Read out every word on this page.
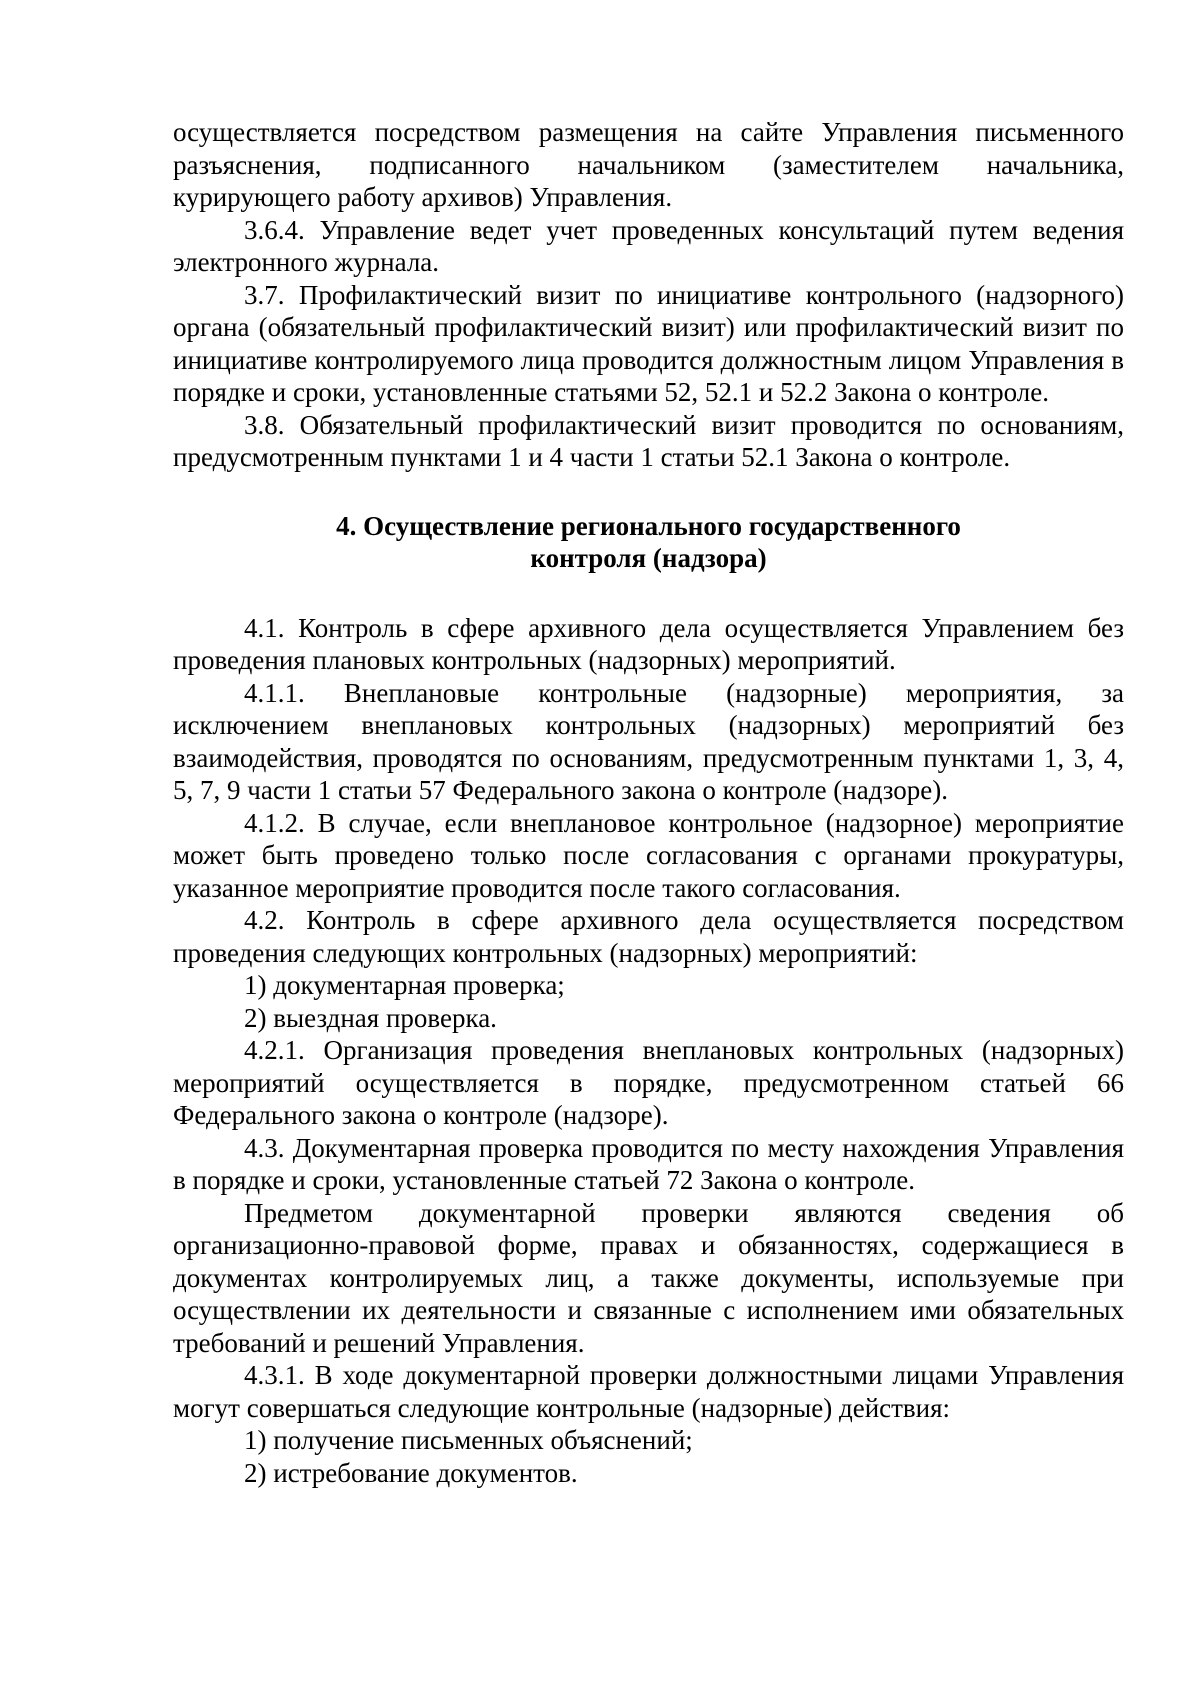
осуществляется посредством размещения на сайте Управления письменного разъяснения, подписанного начальником (заместителем начальника, курирующего работу архивов) Управления.

3.6.4. Управление ведет учет проведенных консультаций путем ведения электронного журнала.

3.7. Профилактический визит по инициативе контрольного (надзорного) органа (обязательный профилактический визит) или профилактический визит по инициативе контролируемого лица проводится должностным лицом Управления в порядке и сроки, установленные статьями 52, 52.1 и 52.2 Закона о контроле.

3.8. Обязательный профилактический визит проводится по основаниям, предусмотренным пунктами 1 и 4 части 1 статьи 52.1 Закона о контроле.

4. Осуществление регионального государственного
контроля (надзора)

4.1. Контроль в сфере архивного дела осуществляется Управлением без проведения плановых контрольных (надзорных) мероприятий.

4.1.1. Внеплановые контрольные (надзорные) мероприятия, за исключением внеплановых контрольных (надзорных) мероприятий без взаимодействия, проводятся по основаниям, предусмотренным пунктами 1, 3, 4, 5, 7, 9 части 1 статьи 57 Федерального закона о контроле (надзоре).

4.1.2. В случае, если внеплановое контрольное (надзорное) мероприятие может быть проведено только после согласования с органами прокуратуры, указанное мероприятие проводится после такого согласования.

4.2. Контроль в сфере архивного дела осуществляется посредством проведения следующих контрольных (надзорных) мероприятий:

1) документарная проверка;

2) выездная проверка.

4.2.1. Организация проведения внеплановых контрольных (надзорных) мероприятий осуществляется в порядке, предусмотренном статьей 66 Федерального закона о контроле (надзоре).

4.3. Документарная проверка проводится по месту нахождения Управления в порядке и сроки, установленные статьей 72 Закона о контроле.

Предметом документарной проверки являются сведения об организационно-правовой форме, правах и обязанностях, содержащиеся в документах контролируемых лиц, а также документы, используемые при осуществлении их деятельности и связанные с исполнением ими обязательных требований и решений Управления.

4.3.1. В ходе документарной проверки должностными лицами Управления могут совершаться следующие контрольные (надзорные) действия:

1) получение письменных объяснений;

2) истребование документов.
